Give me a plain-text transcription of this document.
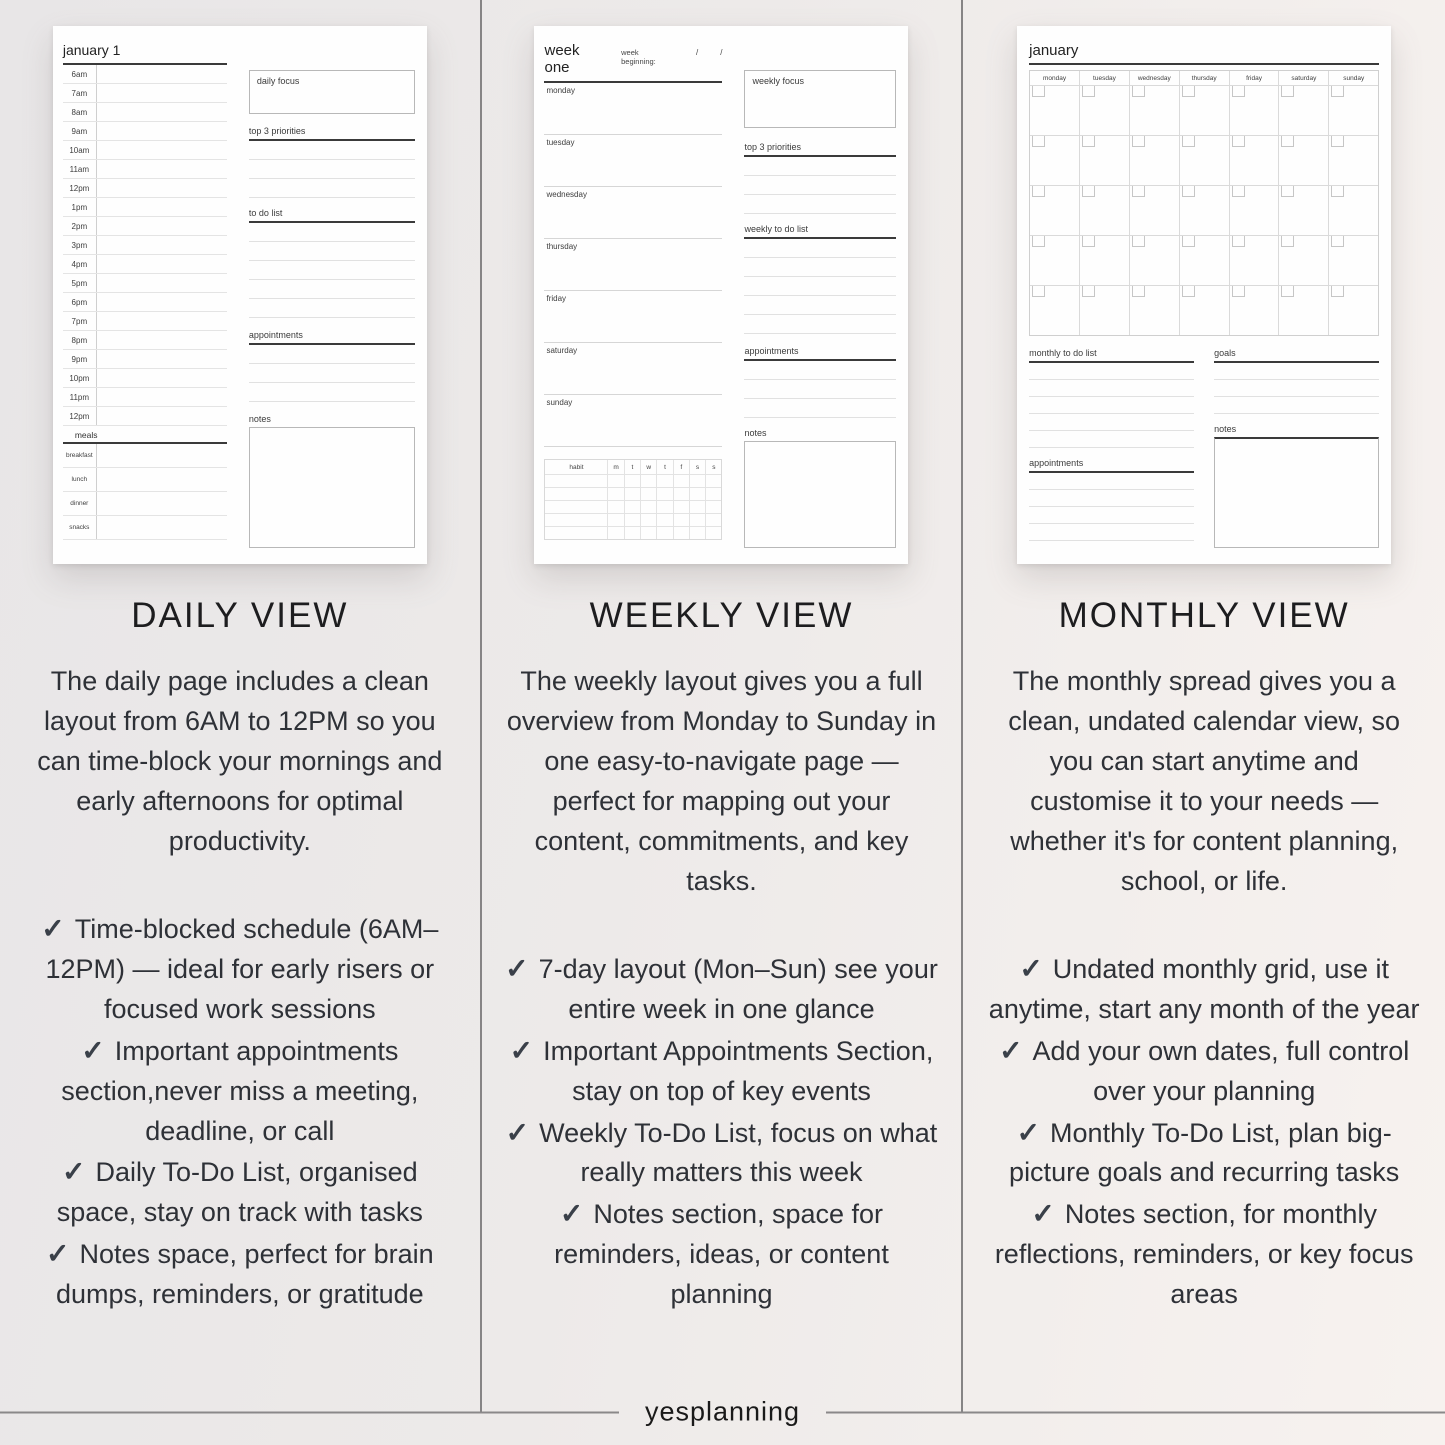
january 1
6am
7am
8am
9am
10am
11am
12pm
1pm
2pm
3pm
4pm
5pm
6pm
7pm
8pm
9pm
10pm
11pm
12pm
meals
breakfast
lunch
dinner
snacks
daily focus
top 3 priorities
to do list
appointments
notes
DAILY VIEW

The daily page includes a clean layout from 6AM to 12PM so you can time-block your mornings and early afternoons for optimal productivity.

✓ Time-blocked schedule (6AM–12PM) — ideal for early risers or focused work sessions
✓ Important appointments section,never miss a meeting, deadline, or call
✓ Daily To-Do List, organised space, stay on track with tasks
✓ Notes space, perfect for brain dumps, reminders, or gratitude
week one
week beginning:
/	/
monday
tuesday
wednesday
thursday
friday
saturday
sunday
habit	m	t	w	t	f	s	s
weekly focus
top 3 priorities
weekly to do list
appointments
notes
WEEKLY VIEW

The weekly layout gives you a full overview from Monday to Sunday in one easy-to-navigate page — perfect for mapping out your content, commitments, and key tasks.

✓ 7-day layout (Mon–Sun) see your entire week in one glance
✓ Important Appointments Section, stay on top of key events
✓ Weekly To-Do List, focus on what really matters this week
✓ Notes section, space for reminders, ideas, or content planning
january
monday	tuesday	wednesday	thursday	friday	saturday	sunday
monthly to do list
appointments
goals
notes
MONTHLY VIEW

The monthly spread gives you a clean, undated calendar view, so you can start anytime and customise it to your needs — whether it's for content planning, school, or life.

✓ Undated monthly grid, use it anytime, start any month of the year
✓ Add your own dates, full control over your planning
✓ Monthly To-Do List, plan big-picture goals and recurring tasks
✓ Notes section, for monthly reflections, reminders, or key focus areas
yesplanning
